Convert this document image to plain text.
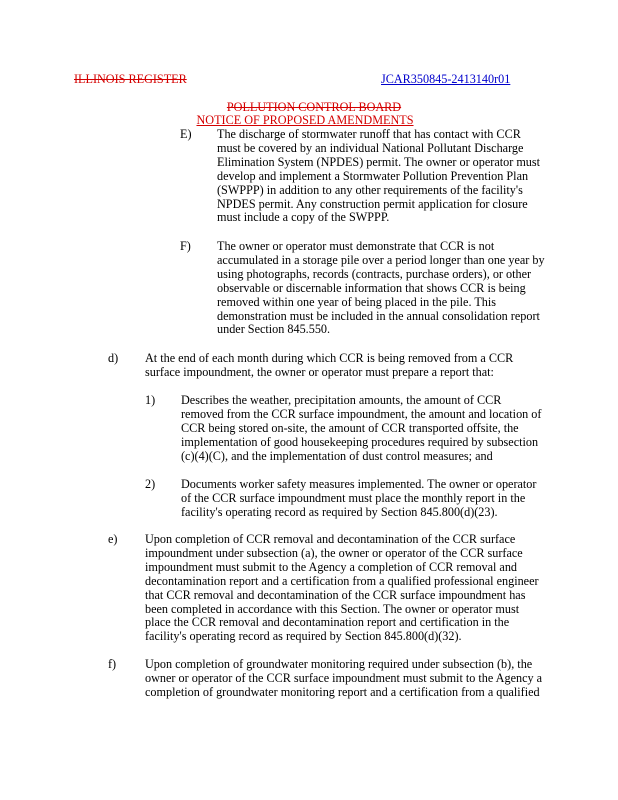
ILLINOIS REGISTER	JCAR350845-2413140r01
POLLUTION CONTROL BOARD
NOTICE OF PROPOSED AMENDMENTS
E) The discharge of stormwater runoff that has contact with CCR
must be covered by an individual National Pollutant Discharge
Elimination System (NPDES) permit. The owner or operator must
develop and implement a Stormwater Pollution Prevention Plan
(SWPPP) in addition to any other requirements of the facility's
NPDES permit. Any construction permit application for closure
must include a copy of the SWPPP.
F) The owner or operator must demonstrate that CCR is not
accumulated in a storage pile over a period longer than one year by
using photographs, records (contracts, purchase orders), or other
observable or discernable information that shows CCR is being
removed within one year of being placed in the pile. This
demonstration must be included in the annual consolidation report
under Section 845.550.
d) At the end of each month during which CCR is being removed from a CCR
surface impoundment, the owner or operator must prepare a report that:
1) Describes the weather, precipitation amounts, the amount of CCR
removed from the CCR surface impoundment, the amount and location of
CCR being stored on-site, the amount of CCR transported offsite, the
implementation of good housekeeping procedures required by subsection
(c)(4)(C), and the implementation of dust control measures; and
2) Documents worker safety measures implemented. The owner or operator
of the CCR surface impoundment must place the monthly report in the
facility's operating record as required by Section 845.800(d)(23).
e) Upon completion of CCR removal and decontamination of the CCR surface
impoundment under subsection (a), the owner or operator of the CCR surface
impoundment must submit to the Agency a completion of CCR removal and
decontamination report and a certification from a qualified professional engineer
that CCR removal and decontamination of the CCR surface impoundment has
been completed in accordance with this Section. The owner or operator must
place the CCR removal and decontamination report and certification in the
facility's operating record as required by Section 845.800(d)(32).
f) Upon completion of groundwater monitoring required under subsection (b), the
owner or operator of the CCR surface impoundment must submit to the Agency a
completion of groundwater monitoring report and a certification from a qualified
